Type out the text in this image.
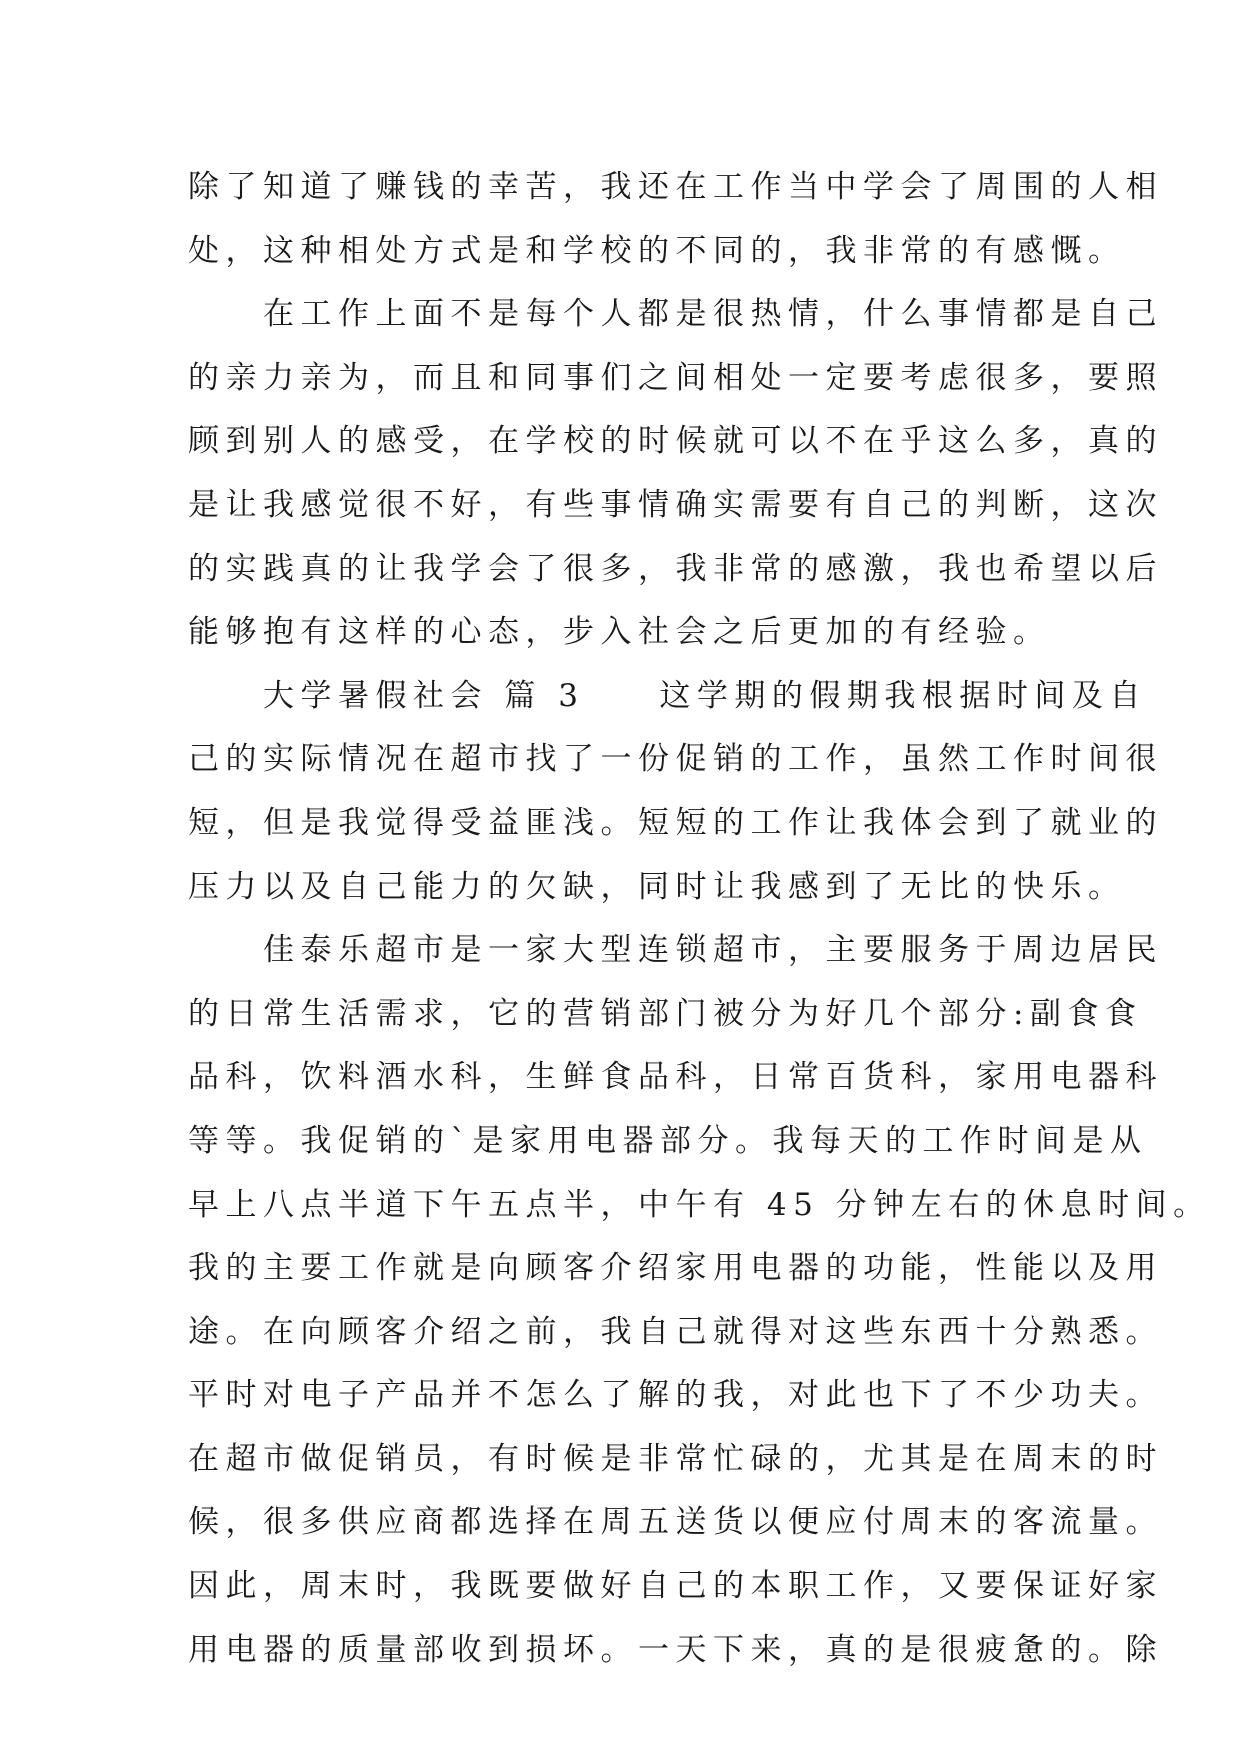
除了知道了赚钱的幸苦，我还在工作当中学会了周围的人相
处，这种相处方式是和学校的不同的，我非常的有感慨。
　　在工作上面不是每个人都是很热情，什么事情都是自己
的亲力亲为，而且和同事们之间相处一定要考虑很多，要照
顾到别人的感受，在学校的时候就可以不在乎这么多，真的
是让我感觉很不好，有些事情确实需要有自己的判断，这次
的实践真的让我学会了很多，我非常的感激，我也希望以后
能够抱有这样的心态，步入社会之后更加的有经验。
　　大学暑假社会 篇 3　　这学期的假期我根据时间及自
己的实际情况在超市找了一份促销的工作，虽然工作时间很
短，但是我觉得受益匪浅。短短的工作让我体会到了就业的
压力以及自己能力的欠缺，同时让我感到了无比的快乐。
　　佳泰乐超市是一家大型连锁超市，主要服务于周边居民
的日常生活需求，它的营销部门被分为好几个部分:副食食
品科，饮料酒水科，生鲜食品科，日常百货科，家用电器科
等等。我促销的`是家用电器部分。我每天的工作时间是从
早上八点半道下午五点半，中午有 45 分钟左右的休息时间。
我的主要工作就是向顾客介绍家用电器的功能，性能以及用
途。在向顾客介绍之前，我自己就得对这些东西十分熟悉。
平时对电子产品并不怎么了解的我，对此也下了不少功夫。
在超市做促销员，有时候是非常忙碌的，尤其是在周末的时
候，很多供应商都选择在周五送货以便应付周末的客流量。
因此，周末时，我既要做好自己的本职工作，又要保证好家
用电器的质量部收到损坏。一天下来，真的是很疲惫的。除
